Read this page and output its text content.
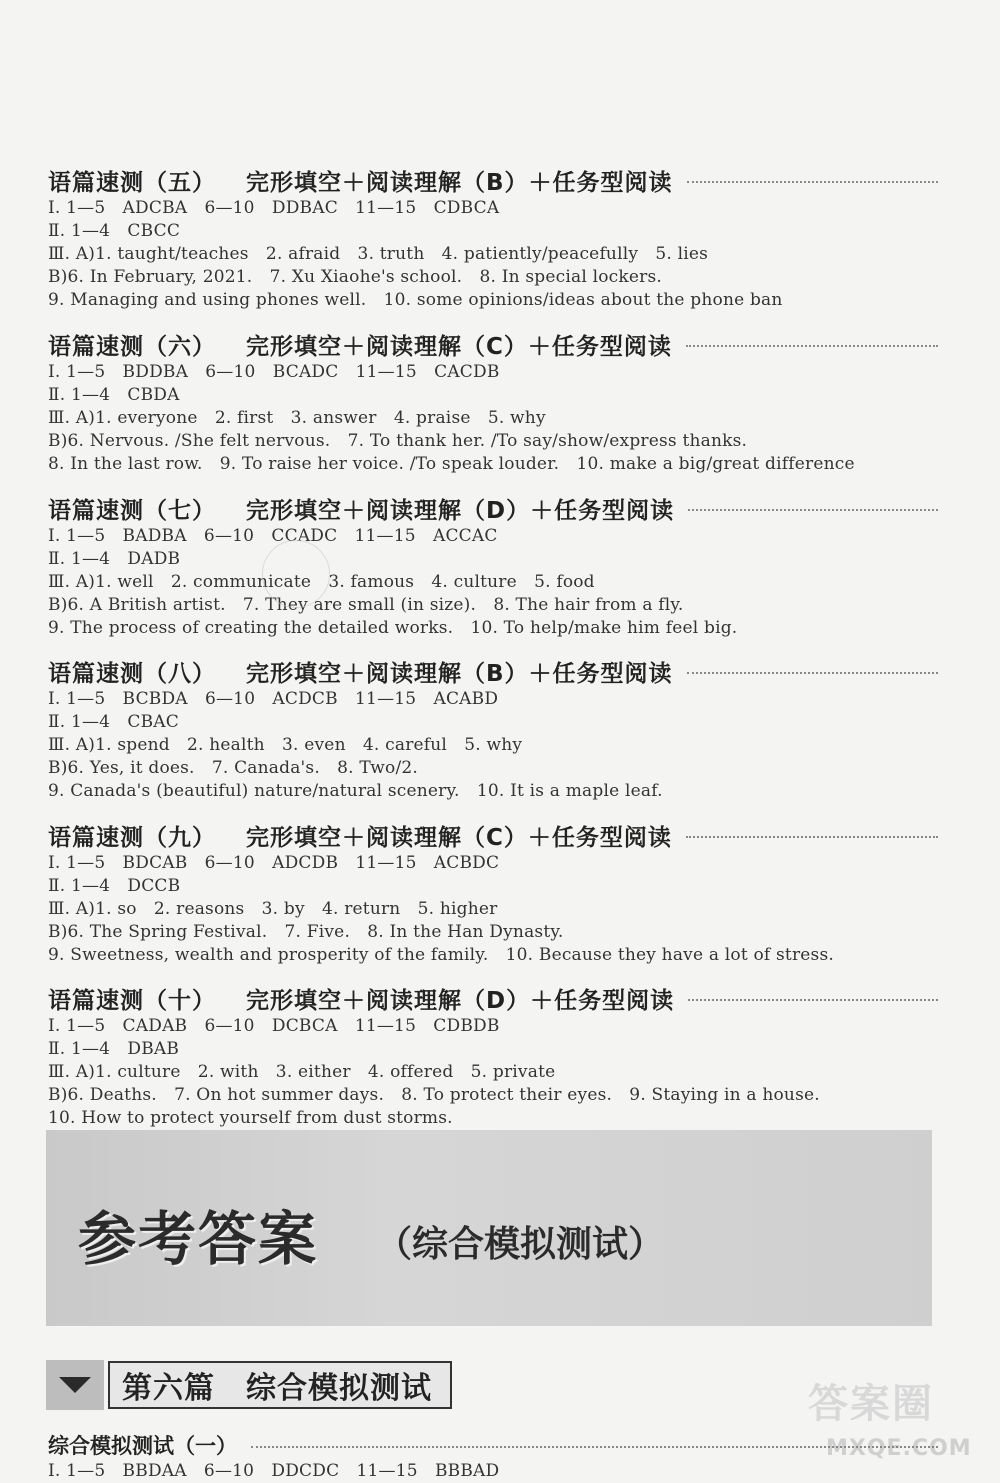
语篇速测（五） 完形填空＋阅读理解（B）＋任务型阅读
Ⅰ. 1—5　ADCBA　6—10　DDBAC　11—15　CDBCA
Ⅱ. 1—4　CBCC
Ⅲ. A)1. taught/teaches　2. afraid　3. truth　4. patiently/peacefully　5. lies
B)6. In February, 2021.　7. Xu Xiaohe's school.　8. In special lockers.
9. Managing and using phones well.　10. some opinions/ideas about the phone ban
语篇速测（六） 完形填空＋阅读理解（C）＋任务型阅读
Ⅰ. 1—5　BDDBA　6—10　BCADC　11—15　CACDB
Ⅱ. 1—4　CBDA
Ⅲ. A)1. everyone　2. first　3. answer　4. praise　5. why
B)6. Nervous. /She felt nervous.　7. To thank her. /To say/show/express thanks.
8. In the last row.　9. To raise her voice. /To speak louder.　10. make a big/great difference
语篇速测（七） 完形填空＋阅读理解（D）＋任务型阅读
Ⅰ. 1—5　BADBA　6—10　CCADC　11—15　ACCAC
Ⅱ. 1—4　DADB
Ⅲ. A)1. well　2. communicate　3. famous　4. culture　5. food
B)6. A British artist.　7. They are small (in size).　8. The hair from a fly.
9. The process of creating the detailed works.　10. To help/make him feel big.
语篇速测（八） 完形填空＋阅读理解（B）＋任务型阅读
Ⅰ. 1—5　BCBDA　6—10　ACDCB　11—15　ACABD
Ⅱ. 1—4　CBAC
Ⅲ. A)1. spend　2. health　3. even　4. careful　5. why
B)6. Yes, it does.　7. Canada's.　8. Two/2.
9. Canada's (beautiful) nature/natural scenery.　10. It is a maple leaf.
语篇速测（九） 完形填空＋阅读理解（C）＋任务型阅读
Ⅰ. 1—5　BDCAB　6—10　ADCDB　11—15　ACBDC
Ⅱ. 1—4　DCCB
Ⅲ. A)1. so　2. reasons　3. by　4. return　5. higher
B)6. The Spring Festival.　7. Five.　8. In the Han Dynasty.
9. Sweetness, wealth and prosperity of the family.　10. Because they have a lot of stress.
语篇速测（十） 完形填空＋阅读理解（D）＋任务型阅读
Ⅰ. 1—5　CADAB　6—10　DCBCA　11—15　CDBDB
Ⅱ. 1—4　DBAB
Ⅲ. A)1. culture　2. with　3. either　4. offered　5. private
B)6. Deaths.　7. On hot summer days.　8. To protect their eyes.　9. Staying in a house.
10. How to protect yourself from dust storms.
参考答案 （综合模拟测试）
第六篇　综合模拟测试	答案圈
MXQE.COM
综合模拟测试（一）
Ⅰ. 1—5　BBDAA　6—10　DDCDC　11—15　BBBAD
